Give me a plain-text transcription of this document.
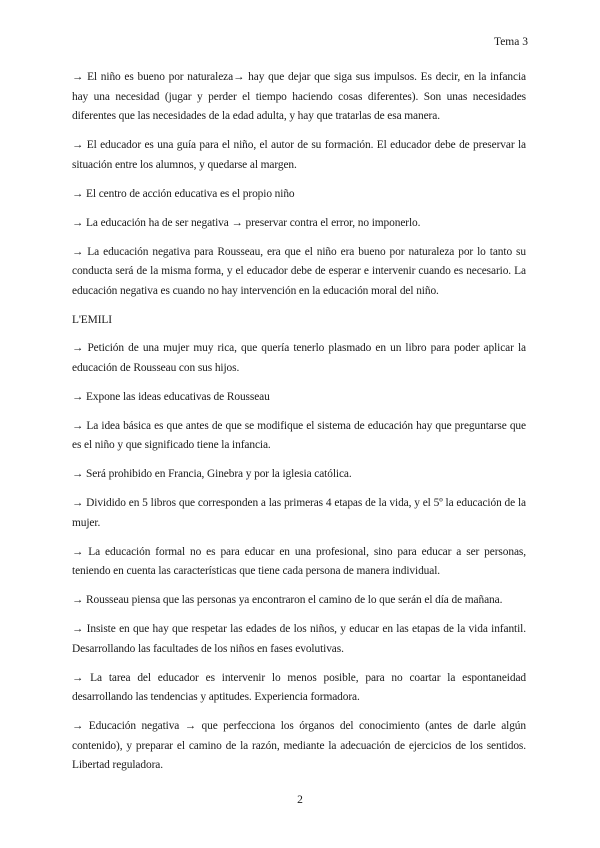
Tema 3

→ El niño es bueno por naturaleza→ hay que dejar que siga sus impulsos. Es decir, en la infancia hay una necesidad (jugar y perder el tiempo haciendo cosas diferentes). Son unas necesidades diferentes que las necesidades de la edad adulta, y hay que tratarlas de esa manera.

→ El educador es una guía para el niño, el autor de su formación. El educador debe de preservar la situación entre los alumnos, y quedarse al margen.

→ El centro de acción educativa es el propio niño

→ La educación ha de ser negativa → preservar contra el error, no imponerlo.

→ La educación negativa para Rousseau, era que el niño era bueno por naturaleza por lo tanto su conducta será de la misma forma, y el educador debe de esperar e intervenir cuando es necesario. La educación negativa es cuando no hay intervención en la educación moral del niño.

L'EMILI

→ Petición de una mujer muy rica, que quería tenerlo plasmado en un libro para poder aplicar la educación de Rousseau con sus hijos.

→ Expone las ideas educativas de Rousseau

→ La idea básica es que antes de que se modifique el sistema de educación hay que preguntarse que es el niño y que significado tiene la infancia.

→ Será prohibido en Francia, Ginebra y por la iglesia católica.

→ Dividido en 5 libros que corresponden a las primeras 4 etapas de la vida, y el 5º la educación de la mujer.

→ La educación formal no es para educar en una profesional, sino para educar a ser personas, teniendo en cuenta las características que tiene cada persona de manera individual.

→ Rousseau piensa que las personas ya encontraron el camino de lo que serán el día de mañana.

→ Insiste en que hay que respetar las edades de los niños, y educar en las etapas de la vida infantil. Desarrollando las facultades de los niños en fases evolutivas.

→ La tarea del educador es intervenir lo menos posible, para no coartar la espontaneidad desarrollando las tendencias y aptitudes. Experiencia formadora.

→ Educación negativa → que perfecciona los órganos del conocimiento (antes de darle algún contenido), y preparar el camino de la razón, mediante la adecuación de ejercicios de los sentidos. Libertad reguladora.

2
